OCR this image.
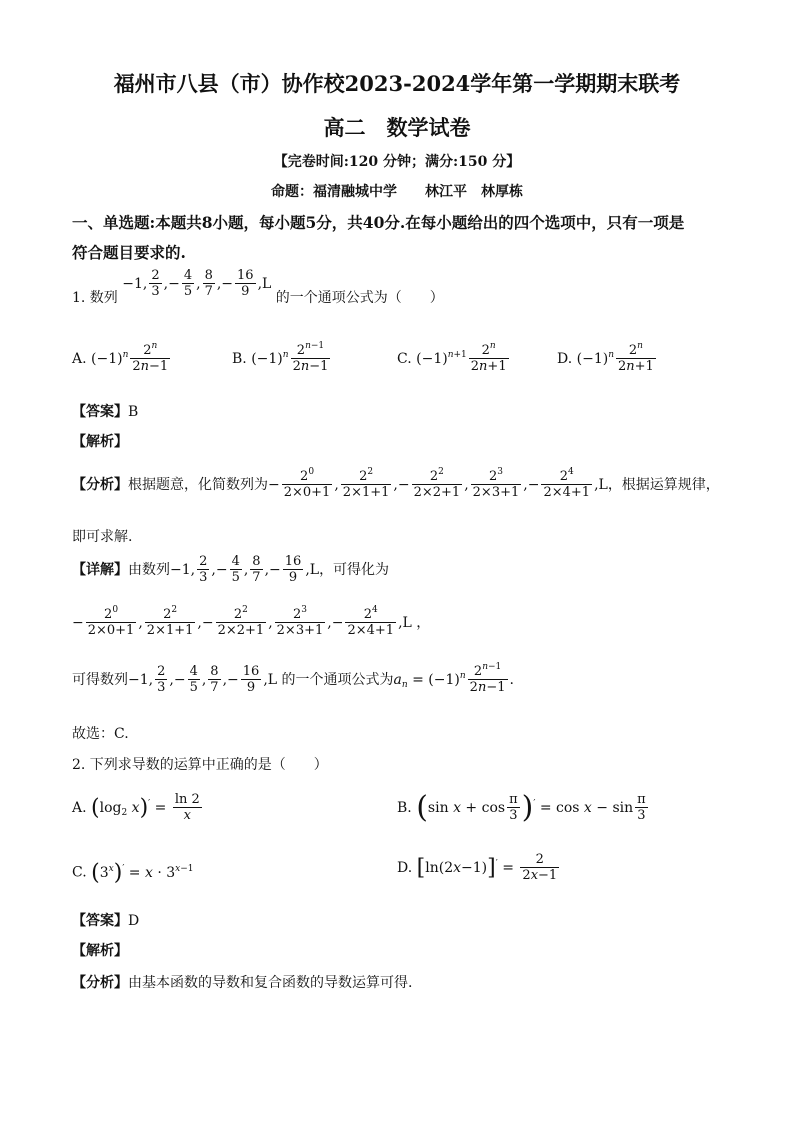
福州市八县（市）协作校2023-2024学年第一学期期末联考
高二　数学试卷
【完卷时间:120 分钟；满分:150 分】
命题：福清融城中学　　林江平　林厚栋
一、单选题:本题共8小题，每小题5分，共40分.在每小题给出的四个选项中，只有一项是
符合题目要求的.
1. 数列 −1, $\frac{2}{3}$ ,− $\frac{4}{5}$ , $\frac{8}{7}$ ,− $\frac{16}{9} ,L$ 的一个通项公式为（　　）
A. $(-1)^n \frac{2^n}{2n-1}$	B. $(-1)^n \frac{2^{n-1}}{2n-1}$	C. $(-1)^{n+1} \frac{2^n}{2n+1}$	D. $(-1)^n \frac{2^n}{2n+1}$
【答案】B
【解析】
【分析】根据题意，化简数列为− $\frac{2^0}{2\times 0+1}$ , $\frac{2^2}{2\times 1+1}$ ,− $\frac{2^2}{2\times 2+1}$ , $\frac{2^3}{2\times 3+1}$ ,− $\frac{2^4}{2\times 4+1} ,L$，根据运算规律，
即可求解.
【详解】由数列−1, $\frac{2}{3}$ ,− $\frac{4}{5}$ , $\frac{8}{7}$ ,− $\frac{16}{9} ,L$，可得化为
− $\frac{2^0}{2\times 0+1}$ , $\frac{2^2}{2\times 1+1}$ ,− $\frac{2^2}{2\times 2+1}$ , $\frac{2^3}{2\times 3+1}$ ,− $\frac{2^4}{2\times 4+1} ,L$ ，
可得数列−1, $\frac{2}{3}$ ,− $\frac{4}{5}$ , $\frac{8}{7}$ ,− $\frac{16}{9} ,L$ 的一个通项公式为$a_n = (-1)^n \frac{2^{n-1}}{2n-1}$ .
故选：C.
2. 下列求导数的运算中正确的是（　　）
A. ($\log_2$ $x)' = \frac{\ln 2}{x}$	B. (sin $x + \cos \frac{\pi}{3} )' = \cos x - \sin \frac{\pi}{3}$
C. $(3^x)' = x \cdot 3^{x-1}$	D. $[\ln(2x-1)]' = \frac{2}{2x-1}$
【答案】D
【解析】
【分析】由基本函数的导数和复合函数的导数运算可得.
